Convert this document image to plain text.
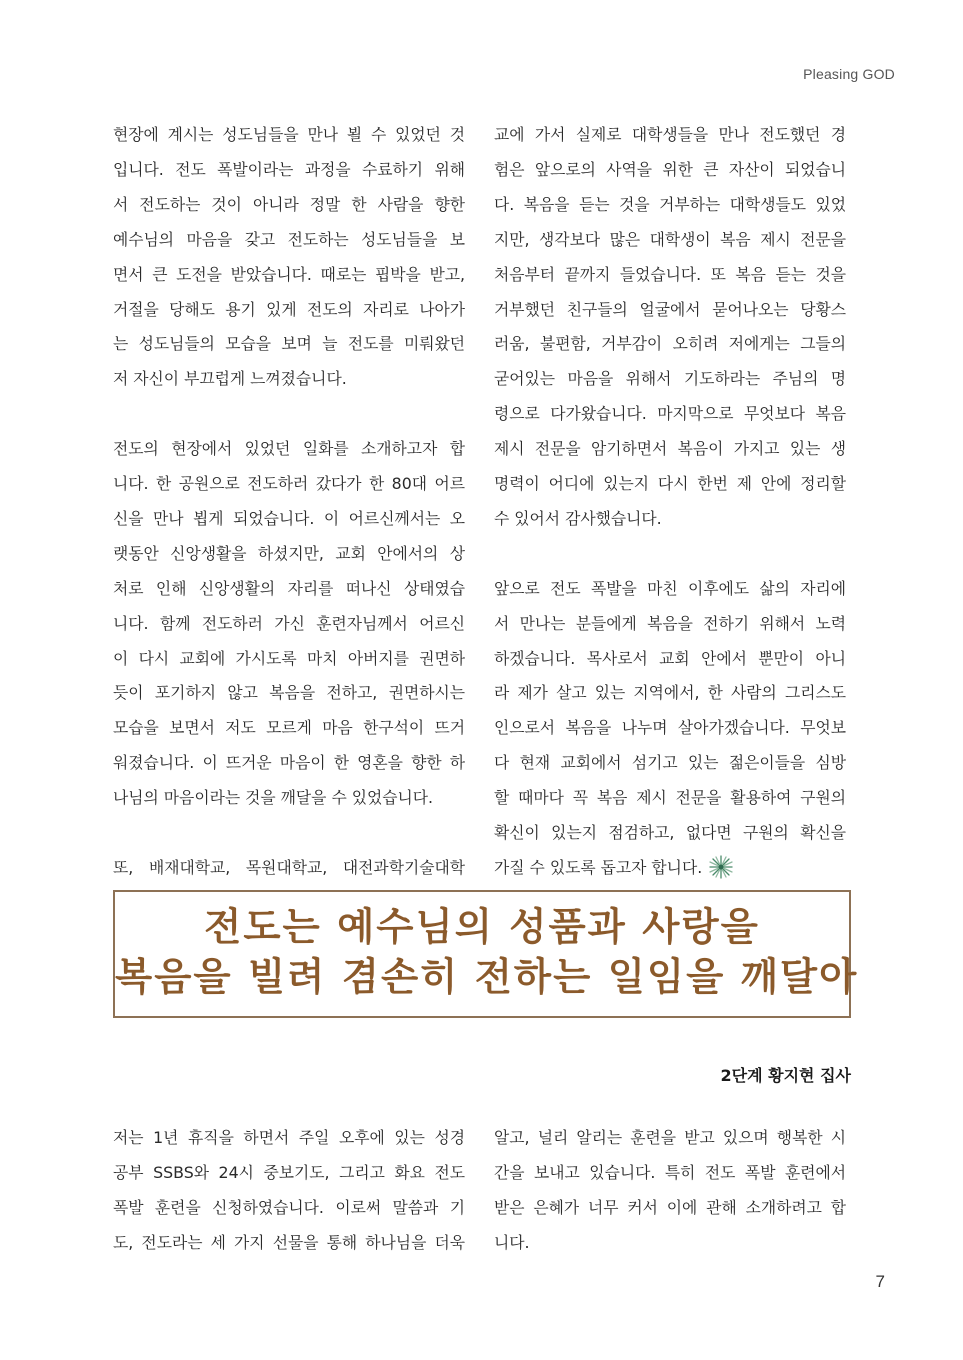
Pleasing GOD

현장에 계시는 성도님들을 만나 뵐 수 있었던 것

입니다. 전도 폭발이라는 과정을 수료하기 위해

서 전도하는 것이 아니라 정말 한 사람을 향한

예수님의 마음을 갖고 전도하는 성도님들을 보

면서 큰 도전을 받았습니다. 때로는 핍박을 받고,

거절을 당해도 용기 있게 전도의 자리로 나아가

는 성도님들의 모습을 보며 늘 전도를 미뤄왔던

저 자신이 부끄럽게 느껴졌습니다.

전도의 현장에서 있었던 일화를 소개하고자 합

니다. 한 공원으로 전도하러 갔다가 한 80대 어르

신을 만나 뵙게 되었습니다. 이 어르신께서는 오

랫동안 신앙생활을 하셨지만, 교회 안에서의 상

처로 인해 신앙생활의 자리를 떠나신 상태였습

니다. 함께 전도하러 가신 훈련자님께서 어르신

이 다시 교회에 가시도록 마치 아버지를 권면하

듯이 포기하지 않고 복음을 전하고, 권면하시는

모습을 보면서 저도 모르게 마음 한구석이 뜨거

워졌습니다. 이 뜨거운 마음이 한 영혼을 향한 하

나님의 마음이라는 것을 깨달을 수 있었습니다.

또, 배재대학교, 목원대학교, 대전과학기술대학

교에 가서 실제로 대학생들을 만나 전도했던 경

험은 앞으로의 사역을 위한 큰 자산이 되었습니

다. 복음을 듣는 것을 거부하는 대학생들도 있었

지만, 생각보다 많은 대학생이 복음 제시 전문을

처음부터 끝까지 들었습니다. 또 복음 듣는 것을

거부했던 친구들의 얼굴에서 묻어나오는 당황스

러움, 불편함, 거부감이 오히려 저에게는 그들의

굳어있는 마음을 위해서 기도하라는 주님의 명

령으로 다가왔습니다. 마지막으로 무엇보다 복음

제시 전문을 암기하면서 복음이 가지고 있는 생

명력이 어디에 있는지 다시 한번 제 안에 정리할

수 있어서 감사했습니다.

앞으로 전도 폭발을 마친 이후에도 삶의 자리에

서 만나는 분들에게 복음을 전하기 위해서 노력

하겠습니다. 목사로서 교회 안에서 뿐만이 아니

라 제가 살고 있는 지역에서, 한 사람의 그리스도

인으로서 복음을 나누며 살아가겠습니다. 무엇보

다 현재 교회에서 섬기고 있는 젊은이들을 심방

할 때마다 꼭 복음 제시 전문을 활용하여 구원의

확신이 있는지 점검하고, 없다면 구원의 확신을

가질 수 있도록 돕고자 합니다.

전도는 예수님의 성품과 사랑을
복음을 빌려 겸손히 전하는 일임을 깨달아
2단계 황지현 집사

저는 1년 휴직을 하면서 주일 오후에 있는 성경

공부 SSBS와 24시 중보기도, 그리고 화요 전도

폭발 훈련을 신청하였습니다. 이로써 말씀과 기

도, 전도라는 세 가지 선물을 통해 하나님을 더욱

알고, 널리 알리는 훈련을 받고 있으며 행복한 시

간을 보내고 있습니다. 특히 전도 폭발 훈련에서

받은 은혜가 너무 커서 이에 관해 소개하려고 합

니다.

7
